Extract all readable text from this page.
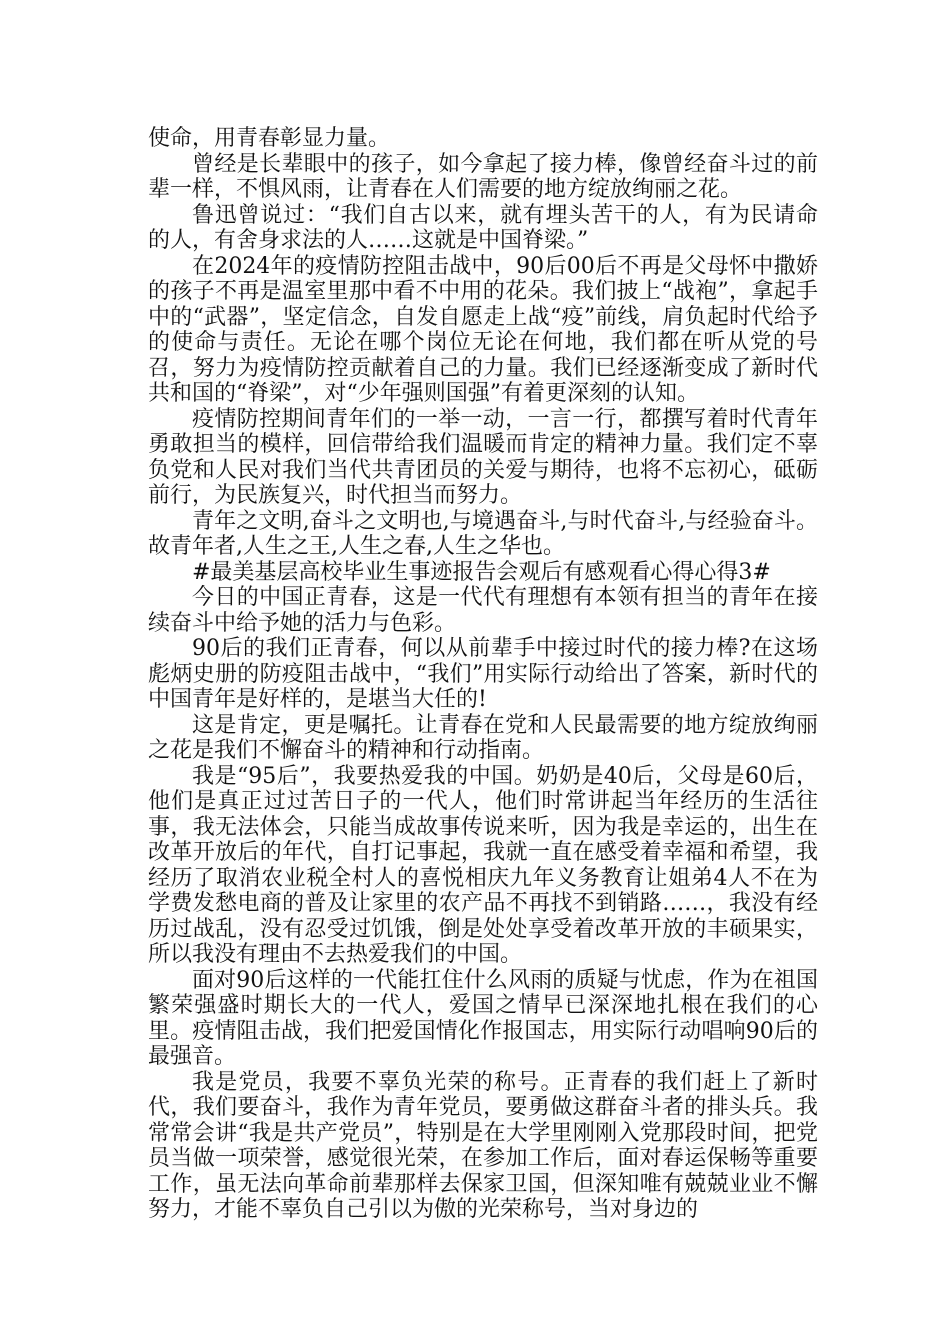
使命，用青春彰显力量。

曾经是长辈眼中的孩子，如今拿起了接力棒，像曾经奋斗过的前辈一样，不惧风雨，让青春在人们需要的地方绽放绚丽之花。

鲁迅曾说过：“我们自古以来，就有埋头苦干的人，有为民请命的人，有舍身求法的人……这就是中国脊梁。”

在2024年的疫情防控阻击战中，90后00后不再是父母怀中撒娇的孩子不再是温室里那中看不中用的花朵。我们披上“战袍”，拿起手中的“武器”，坚定信念，自发自愿走上战“疫”前线，肩负起时代给予的使命与责任。无论在哪个岗位无论在何地，我们都在听从党的号召，努力为疫情防控贡献着自己的力量。我们已经逐渐变成了新时代共和国的“脊梁”，对“少年强则国强”有着更深刻的认知。

疫情防控期间青年们的一举一动，一言一行，都撰写着时代青年勇敢担当的模样，回信带给我们温暖而肯定的精神力量。我们定不辜负党和人民对我们当代共青团员的关爱与期待，也将不忘初心，砥砺前行，为民族复兴，时代担当而努力。

青年之文明,奋斗之文明也,与境遇奋斗,与时代奋斗,与经验奋斗。故青年者,人生之王,人生之春,人生之华也。

#最美基层高校毕业生事迹报告会观后有感观看心得心得3#

今日的中国正青春，这是一代代有理想有本领有担当的青年在接续奋斗中给予她的活力与色彩。

90后的我们正青春，何以从前辈手中接过时代的接力棒?在这场彪炳史册的防疫阻击战中，“我们”用实际行动给出了答案，新时代的中国青年是好样的，是堪当大任的!

这是肯定，更是嘱托。让青春在党和人民最需要的地方绽放绚丽之花是我们不懈奋斗的精神和行动指南。

我是“95后”，我要热爱我的中国。奶奶是40后，父母是60后，他们是真正过过苦日子的一代人，他们时常讲起当年经历的生活往事，我无法体会，只能当成故事传说来听，因为我是幸运的，出生在改革开放后的年代，自打记事起，我就一直在感受着幸福和希望，我经历了取消农业税全村人的喜悦相庆九年义务教育让姐弟4人不在为学费发愁电商的普及让家里的农产品不再找不到销路……，我没有经历过战乱，没有忍受过饥饿，倒是处处享受着改革开放的丰硕果实，所以我没有理由不去热爱我们的中国。

面对90后这样的一代能扛住什么风雨的质疑与忧虑，作为在祖国繁荣强盛时期长大的一代人，爱国之情早已深深地扎根在我们的心里。疫情阻击战，我们把爱国情化作报国志，用实际行动唱响90后的最强音。

我是党员，我要不辜负光荣的称号。正青春的我们赶上了新时代，我们要奋斗，我作为青年党员，要勇做这群奋斗者的排头兵。我常常会讲“我是共产党员”，特别是在大学里刚刚入党那段时间，把党员当做一项荣誉，感觉很光荣，在参加工作后，面对春运保畅等重要工作，虽无法向革命前辈那样去保家卫国，但深知唯有兢兢业业不懈努力，才能不辜负自己引以为傲的光荣称号，当对身边的
